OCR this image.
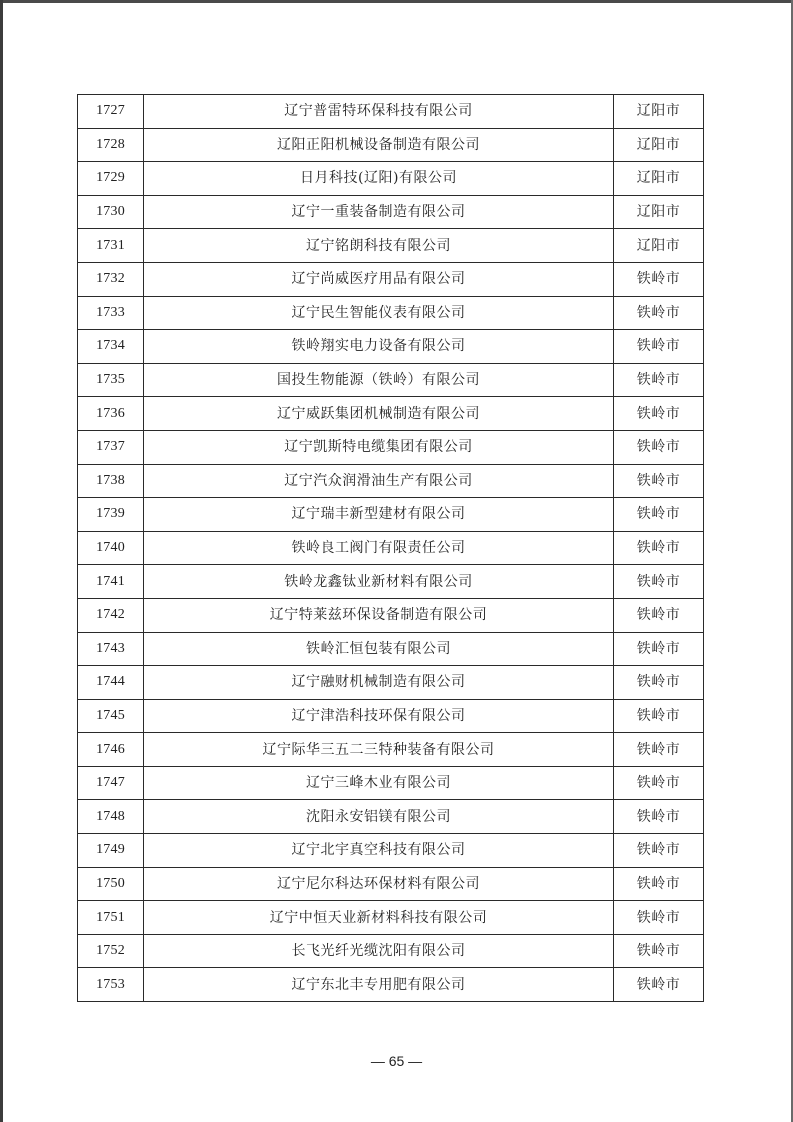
1727	辽宁普雷特环保科技有限公司	辽阳市
1728	辽阳正阳机械设备制造有限公司	辽阳市
1729	日月科技(辽阳)有限公司	辽阳市
1730	辽宁一重装备制造有限公司	辽阳市
1731	辽宁铭朗科技有限公司	辽阳市
1732	辽宁尚威医疗用品有限公司	铁岭市
1733	辽宁民生智能仪表有限公司	铁岭市
1734	铁岭翔实电力设备有限公司	铁岭市
1735	国投生物能源（铁岭）有限公司	铁岭市
1736	辽宁威跃集团机械制造有限公司	铁岭市
1737	辽宁凯斯特电缆集团有限公司	铁岭市
1738	辽宁汽众润滑油生产有限公司	铁岭市
1739	辽宁瑞丰新型建材有限公司	铁岭市
1740	铁岭良工阀门有限责任公司	铁岭市
1741	铁岭龙鑫钛业新材料有限公司	铁岭市
1742	辽宁特莱兹环保设备制造有限公司	铁岭市
1743	铁岭汇恒包装有限公司	铁岭市
1744	辽宁融财机械制造有限公司	铁岭市
1745	辽宁津浩科技环保有限公司	铁岭市
1746	辽宁际华三五二三特种装备有限公司	铁岭市
1747	辽宁三峰木业有限公司	铁岭市
1748	沈阳永安铝镁有限公司	铁岭市
1749	辽宁北宇真空科技有限公司	铁岭市
1750	辽宁尼尔科达环保材料有限公司	铁岭市
1751	辽宁中恒天业新材料科技有限公司	铁岭市
1752	长飞光纤光缆沈阳有限公司	铁岭市
1753	辽宁东北丰专用肥有限公司	铁岭市
— 65 —
